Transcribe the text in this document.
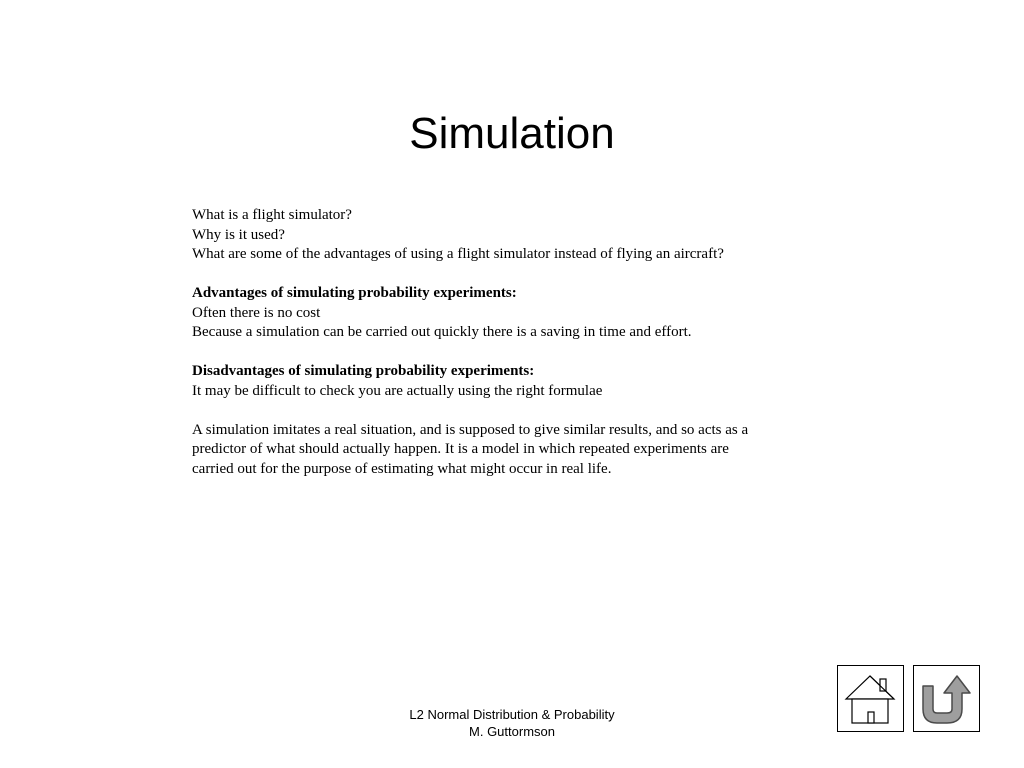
Simulation
What is a flight simulator?
Why is it used?
What are some of the advantages of using a flight simulator instead of flying an aircraft?
Advantages of simulating probability experiments:
Often there is no cost
Because a simulation can be carried out quickly there is a saving in time and effort.
Disadvantages of simulating probability experiments:
It may be difficult to check you are actually using the right formulae
A simulation imitates a real situation, and is supposed to give similar results, and so acts as a
predictor of what should actually happen. It is a model in which repeated experiments are
carried out for the purpose of estimating what might occur in real life.
L2 Normal Distribution & Probability
M. Guttormson
